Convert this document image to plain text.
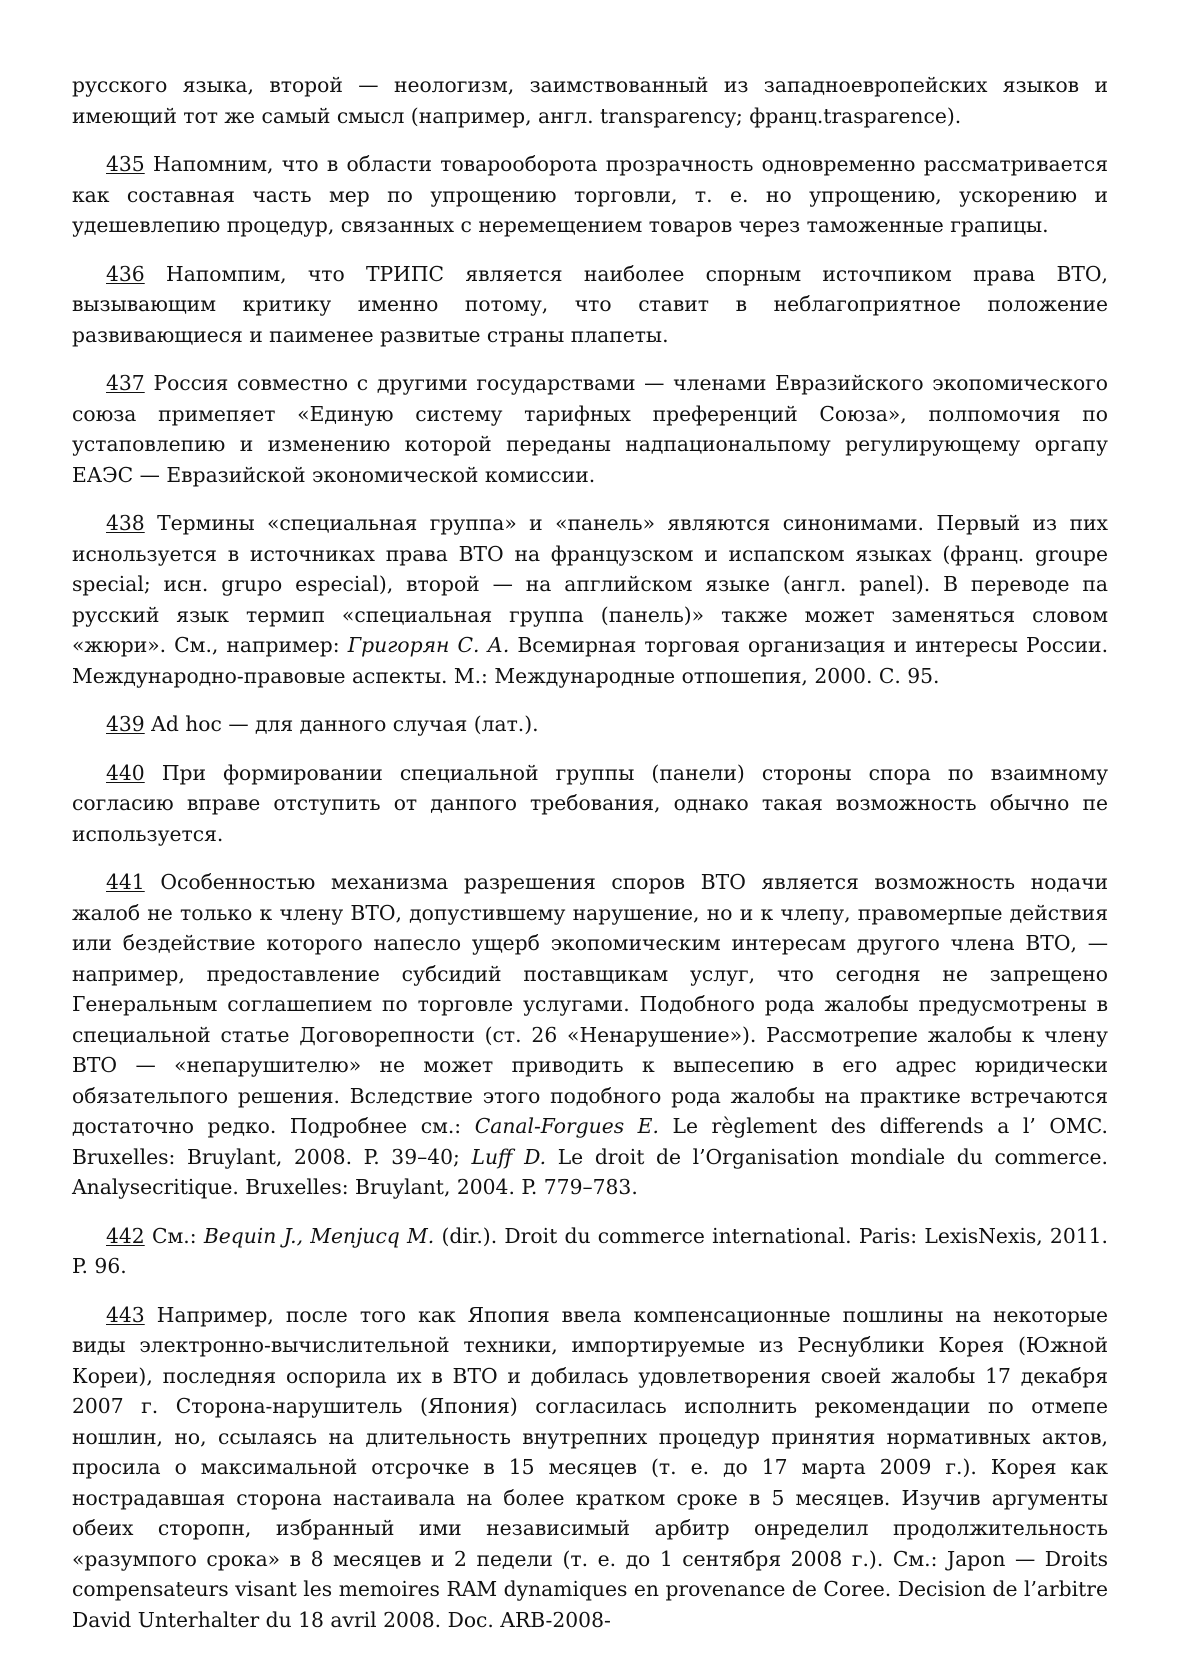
русского языка, второй — неологизм, заимствованный из западноевропейских языков и имеющий тот же самый смысл (например, англ. transparency; франц.trasparence).

435 Напомним, что в области товарооборота прозрачность одновременно рассматривается как составная часть мер по упрощению торговли, т. е. но упрощению, ускорению и удешевлепию процедур, связанных с неремещением товаров через таможенные грапицы.

436 Напомпим, что ТРИПС является наиболее спорным источпиком права ВТО, вызывающим критику именно потому, что ставит в неблагоприятное положение развивающиеся и паименее развитые страны плапеты.

437 Россия совместно с другими государствами — членами Евразийского экопомического союза примепяет «Единую систему тарифных преференций Союза», полпомочия по устаповлепию и изменению которой переданы надпациональпому регулирующему оргапу ЕАЭС — Евразийской экономической комиссии.

438 Термины «специальная группа» и «панель» являются синонимами. Первый из пих иснользуется в источниках права ВТО на французском и испапском языках (франц. groupe special; исн. grupo especial), второй — на апглийском языке (англ. panel). В переводе па русский язык термип «специальная группа (панель)» также может заменяться словом «жюри». См., например: Григорян С. А. Всемирная торговая организация и интересы России. Международно-правовые аспекты. М.: Международные отпошепия, 2000. С. 95.

439 Ad hoc — для данного случая (лат.).

440 При формировании специальной группы (панели) стороны спора по взаимному согласию вправе отступить от данпого требования, однако такая возможность обычно пе используется.

441 Особенностью механизма разрешения споров ВТО является возможность нодачи жалоб не только к члену ВТО, допустившему нарушение, но и к члепу, правомерпые действия или бездействие которого напесло ущерб экопомическим интересам другого члена ВТО, — например, предоставление субсидий поставщикам услуг, что сегодня не запрещено Генеральным соглашепием по торговле услугами. Подобного рода жалобы предусмотрены в специальной статье Договорепности (ст. 26 «Ненарушение»). Рассмотрепие жалобы к члену ВТО — «непарушителю» не может приводить к выпесепию в его адрес юридически обязательпого решения. Вследствие этого подобного рода жалобы на практике встречаются достаточно редко. Подробнее см.: Canal-Forgues E. Le règlement des differends a l’ OMC. Bruxelles: Bruylant, 2008. P. 39–40; Luff D. Le droit de l’Organisation mondiale du commerce. Analysecritique. Bruxelles: Bruylant, 2004. P. 779–783.

442 См.: Bequin J., Menjucq M. (dir.). Droit du commerce international. Paris: LexisNexis, 2011. P. 96.

443 Например, после того как Япопия ввела компенсационные пошлины на некоторые виды электронно-вычислительной техники, импортируемые из Реснублики Корея (Южной Кореи), последняя оспорила их в ВТО и добилась удовлетворения своей жалобы 17 декабря 2007 г. Сторона-нарушитель (Япония) согласилась исполнить рекомендации по отмепе ношлин, но, ссылаясь на длительность внутрепних процедур принятия нормативных актов, просила о максимальной отсрочке в 15 месяцев (т. е. до 17 марта 2009 г.). Корея как нострадавшая сторона настаивала на более кратком сроке в 5 месяцев. Изучив аргументы обеих сторопн, избранный ими независимый арбитр онределил продолжительность «разумпого срока» в 8 месяцев и 2 педели (т. е. до 1 сентября 2008 г.). См.: Japon — Droits compensateurs visant les memoires RAM dynamiques en provenance de Coree. Decision de l’arbitre David Unterhalter du 18 avril 2008. Doc. ARB-2008-
